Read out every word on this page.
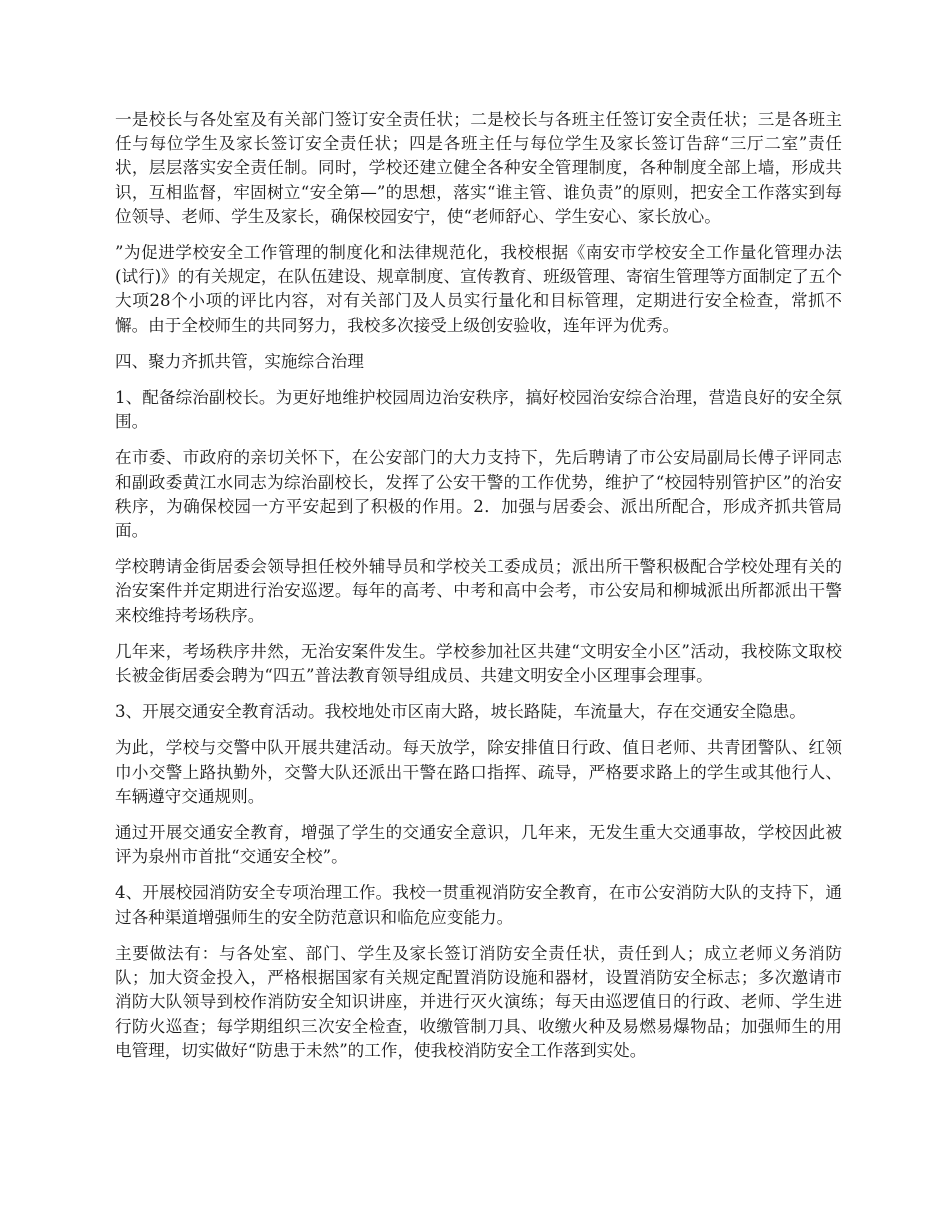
一是校长与各处室及有关部门签订安全责任状；二是校长与各班主任签订安全责任状；三是各班主任与每位学生及家长签订安全责任状；四是各班主任与每位学生及家长签订告辞“三厅二室”责任状，层层落实安全责任制。同时，学校还建立健全各种安全管理制度，各种制度全部上墙，形成共识，互相监督，牢固树立“安全第—”的思想，落实“谁主管、谁负责”的原则，把安全工作落实到每位领导、老师、学生及家长，确保校园安宁，使“老师舒心、学生安心、家长放心。

”为促进学校安全工作管理的制度化和法律规范化，我校根据《南安市学校安全工作量化管理办法(试行)》的有关规定，在队伍建设、规章制度、宣传教育、班级管理、寄宿生管理等方面制定了五个大项28个小项的评比内容，对有关部门及人员实行量化和目标管理，定期进行安全检查，常抓不懈。由于全校师生的共同努力，我校多次接受上级创安验收，连年评为优秀。

四、聚力齐抓共管，实施综合治理

1、配备综治副校长。为更好地维护校园周边治安秩序，搞好校园治安综合治理，营造良好的安全氛围。

在市委、市政府的亲切关怀下，在公安部门的大力支持下，先后聘请了市公安局副局长傅子评同志和副政委黄江水同志为综治副校长，发挥了公安干警的工作优势，维护了“校园特别管护区”的治安秩序，为确保校园一方平安起到了积极的作用。2．加强与居委会、派出所配合，形成齐抓共管局面。

学校聘请金街居委会领导担任校外辅导员和学校关工委成员；派出所干警积极配合学校处理有关的治安案件并定期进行治安巡逻。每年的高考、中考和高中会考，市公安局和柳城派出所都派出干警来校维持考场秩序。

几年来，考场秩序井然，无治安案件发生。学校参加社区共建“文明安全小区”活动，我校陈文取校长被金街居委会聘为“四五”普法教育领导组成员、共建文明安全小区理事会理事。

3、开展交通安全教育活动。我校地处市区南大路，坡长路陡，车流量大，存在交通安全隐患。

为此，学校与交警中队开展共建活动。每天放学，除安排值日行政、值日老师、共青团警队、红领巾小交警上路执勤外，交警大队还派出干警在路口指挥、疏导，严格要求路上的学生或其他行人、车辆遵守交通规则。

通过开展交通安全教育，增强了学生的交通安全意识，几年来，无发生重大交通事故，学校因此被评为泉州市首批“交通安全校”。

4、开展校园消防安全专项治理工作。我校一贯重视消防安全教育，在市公安消防大队的支持下，通过各种渠道增强师生的安全防范意识和临危应变能力。

主要做法有：与各处室、部门、学生及家长签订消防安全责任状，责任到人；成立老师义务消防队；加大资金投入，严格根据国家有关规定配置消防设施和器材，设置消防安全标志；多次邀请市消防大队领导到校作消防安全知识讲座，并进行灭火演练；每天由巡逻值日的行政、老师、学生进行防火巡查；每学期组织三次安全检查，收缴管制刀具、收缴火种及易燃易爆物品；加强师生的用电管理，切实做好“防患于未然”的工作，使我校消防安全工作落到实处。
